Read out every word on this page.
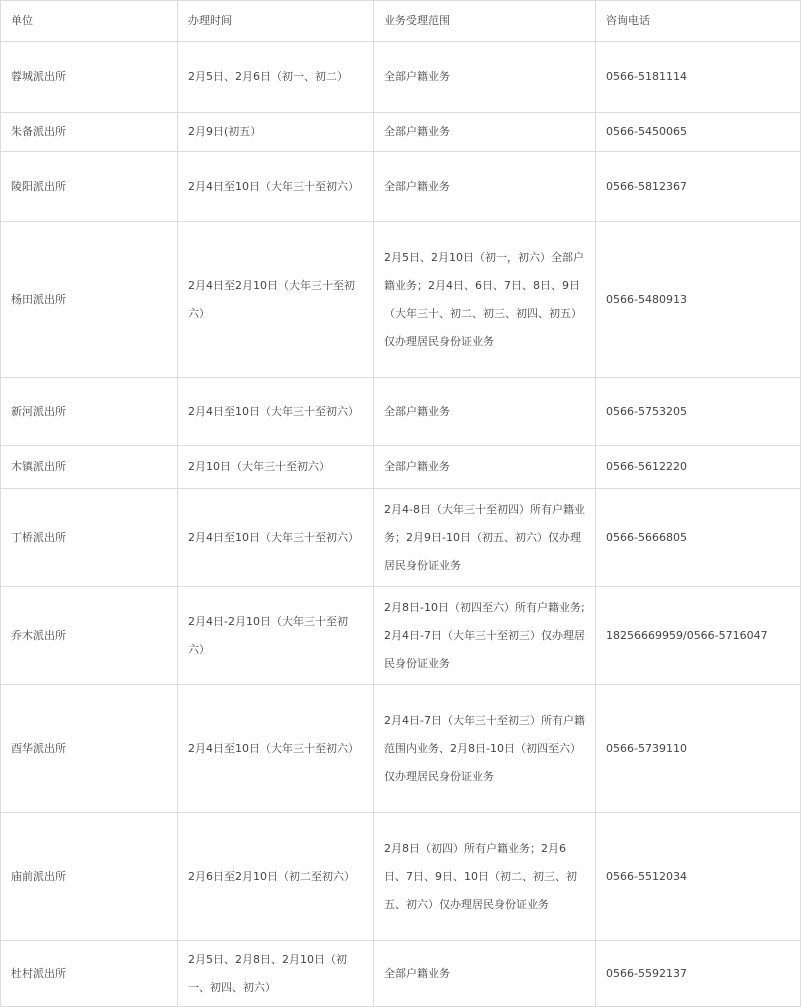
单位	办理时间	业务受理范围	咨询电话
蓉城派出所	2月5日、2月6日（初一、初二）	全部户籍业务	0566-5181114
朱备派出所	2月9日(初五）	全部户籍业务	0566-5450065
陵阳派出所	2月4日至10日（大年三十至初六）	全部户籍业务	0566-5812367
杨田派出所	2月4日至2月10日（大年三十至初六）	2月5日、2月10日（初一，初六）全部户籍业务；2月4日、6日、7日、8日、9日（大年三十、初二、初三、初四、初五）仅办理居民身份证业务	0566-5480913
新河派出所	2月4日至10日（大年三十至初六）	全部户籍业务	0566-5753205
木镇派出所	2月10日（大年三十至初六）	全部户籍业务	0566-5612220
丁桥派出所	2月4日至10日（大年三十至初六）	2月4-8日（大年三十至初四）所有户籍业务；2月9日-10日（初五、初六）仅办理居民身份证业务	0566-5666805
乔木派出所	2月4日-2月10日（大年三十至初六）	2月8日-10日（初四至六）所有户籍业务;2月4日-7日（大年三十至初三）仅办理居民身份证业务	18256669959/0566-5716047
酉华派出所	2月4日至10日（大年三十至初六）	2月4日-7日（大年三十至初三）所有户籍范围内业务、2月8日-10日（初四至六）仅办理居民身份证业务	0566-5739110
庙前派出所	2月6日至2月10日（初二至初六）	2月8日（初四）所有户籍业务；2月6日、7日、9日、10日（初二、初三、初五、初六）仅办理居民身份证业务	0566-5512034
杜村派出所	2月5日、2月8日、2月10日（初一、初四、初六）	全部户籍业务	0566-5592137
